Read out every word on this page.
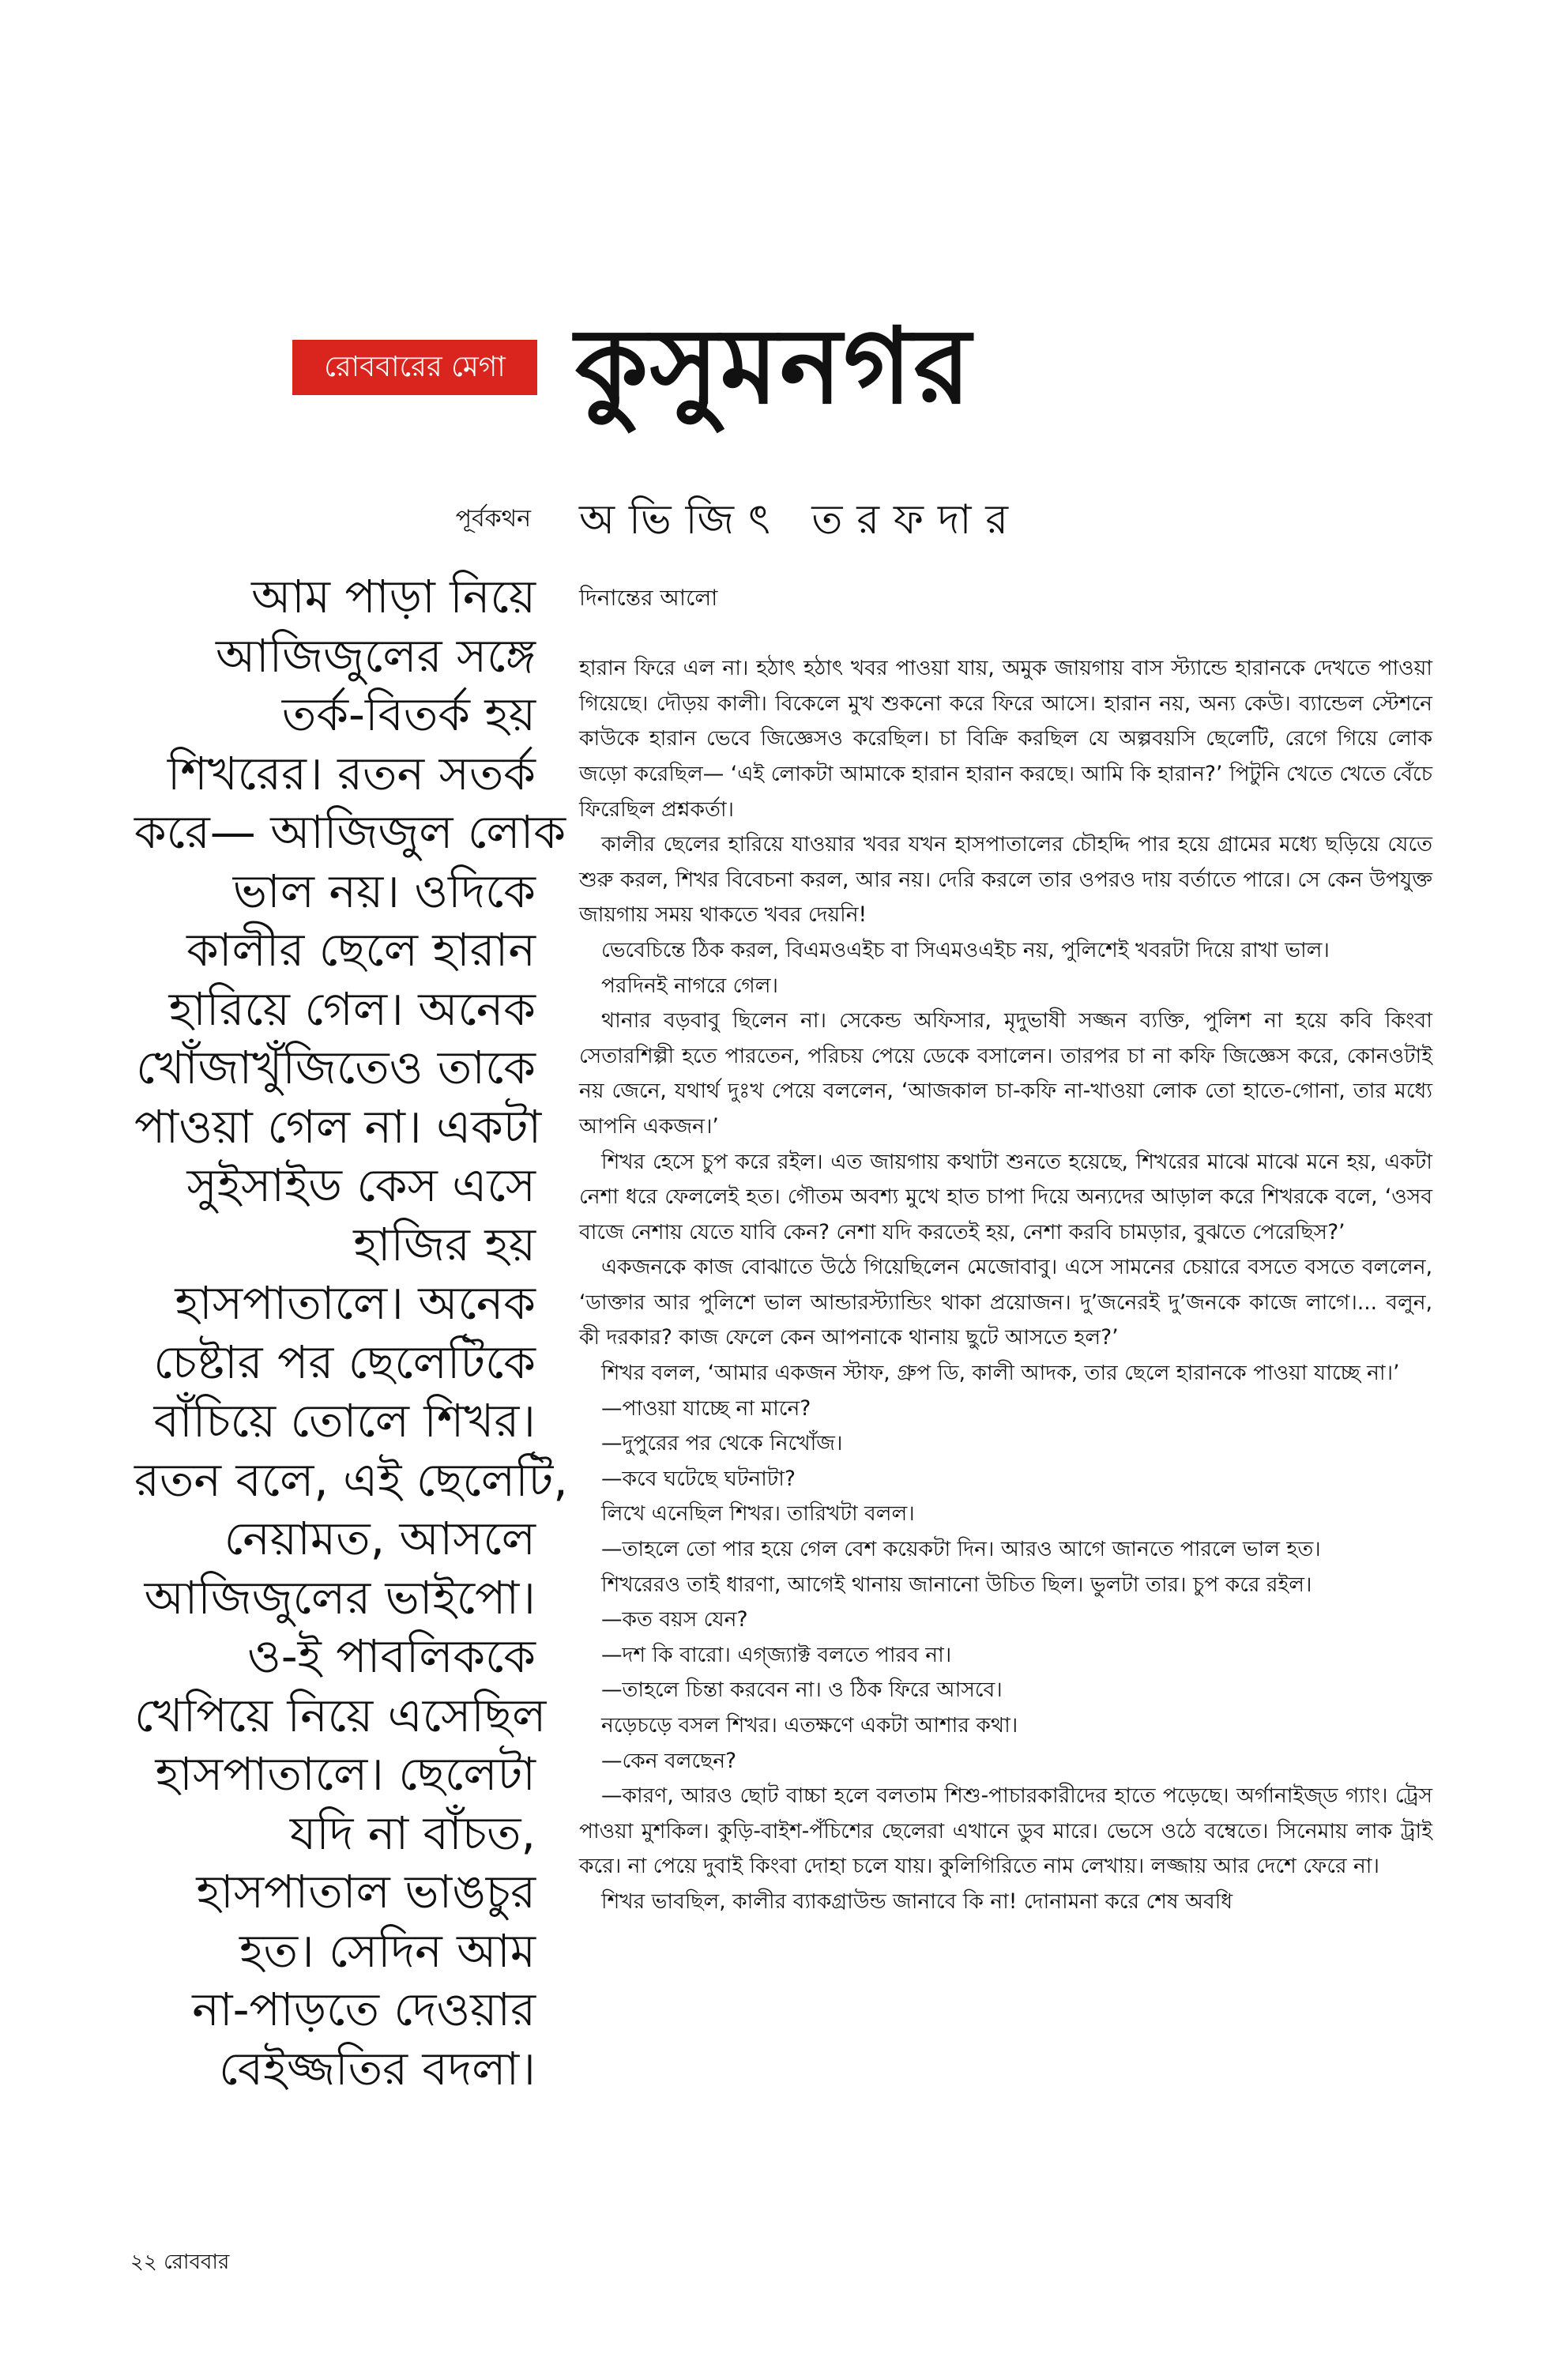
রোববারের মেগা কুসুমনগর
পূর্বকথন অভিজিৎ তরফদার
আম পাড়া নিয়ে
আজিজুলের সঙ্গে
তর্ক-বিতর্ক হয়
শিখরের। রতন সতর্ক
করে— আজিজুল লোক
ভাল নয়। ওদিকে
কালীর ছেলে হারান
হারিয়ে গেল। অনেক
খোঁজাখুঁজিতেও তাকে
পাওয়া গেল না। একটা
সুইসাইড কেস এসে
হাজির হয়
হাসপাতালে। অনেক
চেষ্টার পর ছেলেটিকে
বাঁচিয়ে তোলে শিখর।
রতন বলে, এই ছেলেটি,
নেয়ামত, আসলে
আজিজুলের ভাইপো।
ও-ই পাবলিককে
খেপিয়ে নিয়ে এসেছিল
হাসপাতালে। ছেলেটা
যদি না বাঁচত,
হাসপাতাল ভাঙচুর
হত। সেদিন আম
না-পাড়তে দেওয়ার
বেইজ্জতির বদলা।
দিনান্তের আলো

হারান ফিরে এল না। হঠাৎ হঠাৎ খবর পাওয়া যায়, অমুক জায়গায় বাস স্ট্যান্ডে হারানকে দেখতে পাওয়া গিয়েছে। দৌড়য় কালী। বিকেলে মুখ শুকনো করে ফিরে আসে। হারান নয়, অন্য কেউ। ব্যান্ডেল স্টেশনে কাউকে হারান ভেবে জিজ্ঞেসও করেছিল। চা বিক্রি করছিল যে অল্পবয়সি ছেলেটি, রেগে গিয়ে লোক জড়ো করেছিল— ‘এই লোকটা আমাকে হারান হারান করছে। আমি কি হারান?’ পিটুনি খেতে খেতে বেঁচে ফিরেছিল প্রশ্নকর্তা।

কালীর ছেলের হারিয়ে যাওয়ার খবর যখন হাসপাতালের চৌহদ্দি পার হয়ে গ্রামের মধ্যে ছড়িয়ে যেতে শুরু করল, শিখর বিবেচনা করল, আর নয়। দেরি করলে তার ওপরও দায় বর্তাতে পারে। সে কেন উপযুক্ত জায়গায় সময় থাকতে খবর দেয়নি!

ভেবেচিন্তে ঠিক করল, বিএমওএইচ বা সিএমওএইচ নয়, পুলিশেই খবরটা দিয়ে রাখা ভাল।

পরদিনই নাগরে গেল।

থানার বড়বাবু ছিলেন না। সেকেন্ড অফিসার, মৃদুভাষী সজ্জন ব্যক্তি, পুলিশ না হয়ে কবি কিংবা সেতারশিল্পী হতে পারতেন, পরিচয় পেয়ে ডেকে বসালেন। তারপর চা না কফি জিজ্ঞেস করে, কোনওটাই নয় জেনে, যথার্থ দুঃখ পেয়ে বললেন, ‘আজকাল চা-কফি না-খাওয়া লোক তো হাতে-গোনা, তার মধ্যে আপনি একজন।’

শিখর হেসে চুপ করে রইল। এত জায়গায় কথাটা শুনতে হয়েছে, শিখরের মাঝে মাঝে মনে হয়, একটা নেশা ধরে ফেললেই হত। গৌতম অবশ্য মুখে হাত চাপা দিয়ে অন্যদের আড়াল করে শিখরকে বলে, ‘ওসব বাজে নেশায় যেতে যাবি কেন? নেশা যদি করতেই হয়, নেশা করবি চামড়ার, বুঝতে পেরেছিস?’

একজনকে কাজ বোঝাতে উঠে গিয়েছিলেন মেজোবাবু। এসে সামনের চেয়ারে বসতে বসতে বললেন, ‘ডাক্তার আর পুলিশে ভাল আন্ডারস্ট্যান্ডিং থাকা প্রয়োজন। দু’জনেরই দু’জনকে কাজে লাগে।... বলুন, কী দরকার? কাজ ফেলে কেন আপনাকে থানায় ছুটে আসতে হল?’

শিখর বলল, ‘আমার একজন স্টাফ, গ্রুপ ডি, কালী আদক, তার ছেলে হারানকে পাওয়া যাচ্ছে না।’

—পাওয়া যাচ্ছে না মানে?

—দুপুরের পর থেকে নিখোঁজ।

—কবে ঘটেছে ঘটনাটা?

লিখে এনেছিল শিখর। তারিখটা বলল।

—তাহলে তো পার হয়ে গেল বেশ কয়েকটা দিন। আরও আগে জানতে পারলে ভাল হত।

শিখরেরও তাই ধারণা, আগেই থানায় জানানো উচিত ছিল। ভুলটা তার। চুপ করে রইল।

—কত বয়স যেন?

—দশ কি বারো। এগ্‌জ্যাক্ট বলতে পারব না।

—তাহলে চিন্তা করবেন না। ও ঠিক ফিরে আসবে।

নড়েচড়ে বসল শিখর। এতক্ষণে একটা আশার কথা।

—কেন বলছেন?

—কারণ, আরও ছোট বাচ্চা হলে বলতাম শিশু-পাচারকারীদের হাতে পড়েছে। অর্গানাইজ্‌ড গ্যাং। ট্রেস পাওয়া মুশকিল। কুড়ি-বাইশ-পঁচিশের ছেলেরা এখানে ডুব মারে। ভেসে ওঠে বম্বেতে। সিনেমায় লাক ট্রাই করে। না পেয়ে দুবাই কিংবা দোহা চলে যায়। কুলিগিরিতে নাম লেখায়। লজ্জায় আর দেশে ফেরে না।

শিখর ভাবছিল, কালীর ব্যাকগ্রাউন্ড জানাবে কি না! দোনামনা করে শেষ অবধি

২২ রোববার
